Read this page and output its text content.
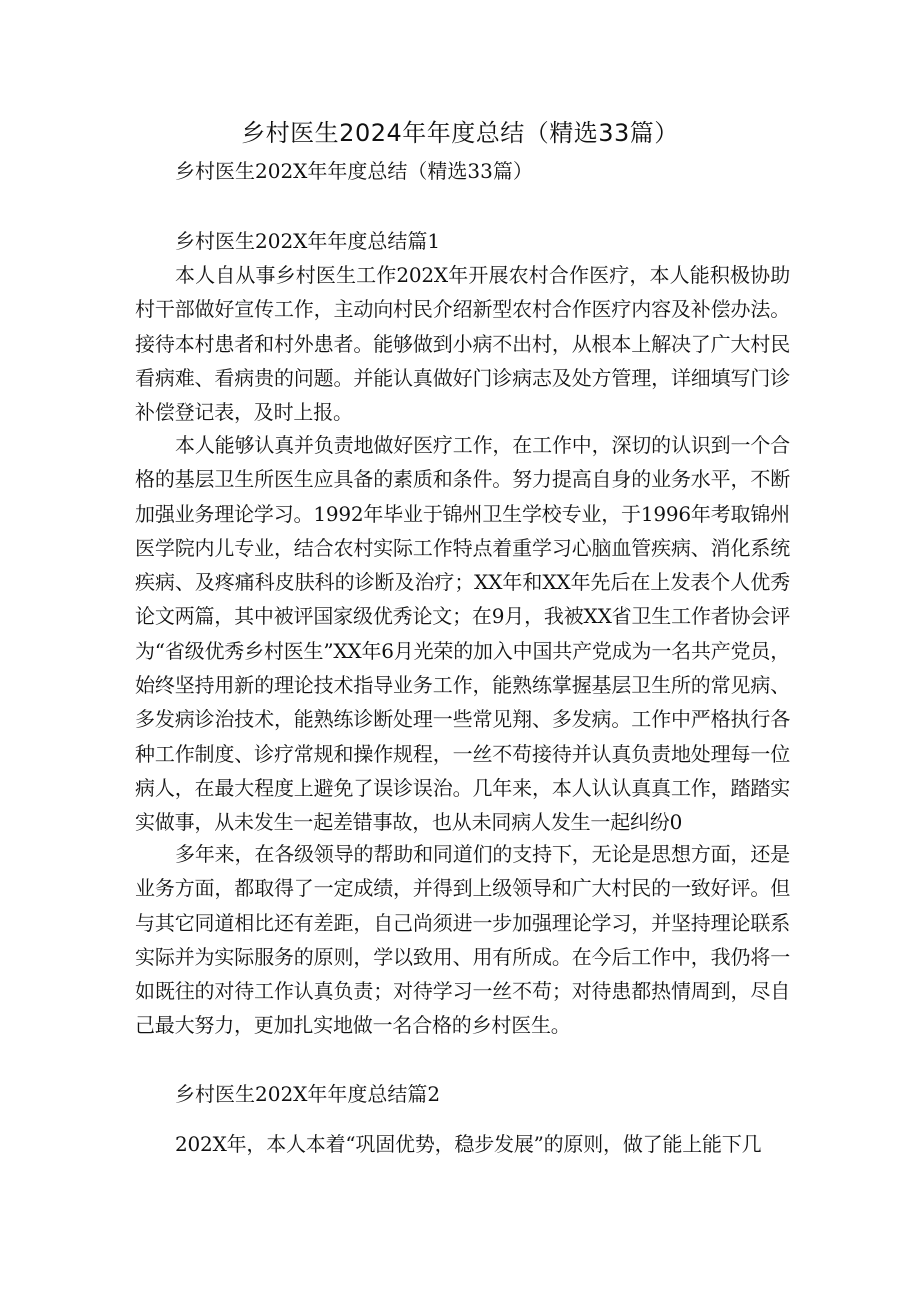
乡村医生2024年年度总结（精选33篇）

乡村医生202X年年度总结（精选33篇）

乡村医生202X年年度总结篇1

本人自从事乡村医生工作202X年开展农村合作医疗，本人能积极协助村干部做好宣传工作，主动向村民介绍新型农村合作医疗内容及补偿办法。接待本村患者和村外患者。能够做到小病不出村，从根本上解决了广大村民看病难、看病贵的问题。并能认真做好门诊病志及处方管理，详细填写门诊补偿登记表，及时上报。

本人能够认真并负责地做好医疗工作，在工作中，深切的认识到一个合格的基层卫生所医生应具备的素质和条件。努力提高自身的业务水平，不断加强业务理论学习。1992年毕业于锦州卫生学校专业，于1996年考取锦州医学院内儿专业，结合农村实际工作特点着重学习心脑血管疾病、消化系统疾病、及疼痛科皮肤科的诊断及治疗；XX年和XX年先后在上发表个人优秀论文两篇，其中被评国家级优秀论文；在9月，我被XX省卫生工作者协会评为“省级优秀乡村医生”XX年6月光荣的加入中国共产党成为一名共产党员，始终坚持用新的理论技术指导业务工作，能熟练掌握基层卫生所的常见病、多发病诊治技术，能熟练诊断处理一些常见翔、多发病。工作中严格执行各种工作制度、诊疗常规和操作规程，一丝不苟接待并认真负责地处理每一位病人，在最大程度上避免了误诊误治。几年来，本人认认真真工作，踏踏实实做事，从未发生一起差错事故，也从未同病人发生一起纠纷0

多年来，在各级领导的帮助和同道们的支持下，无论是思想方面，还是业务方面，都取得了一定成绩，并得到上级领导和广大村民的一致好评。但与其它同道相比还有差距，自己尚须进一步加强理论学习，并坚持理论联系实际并为实际服务的原则，学以致用、用有所成。在今后工作中，我仍将一如既往的对待工作认真负责；对待学习一丝不苟；对待患都热情周到，尽自己最大努力，更加扎实地做一名合格的乡村医生。

乡村医生202X年年度总结篇2

202X年，本人本着“巩固优势，稳步发展”的原则，做了能上能下几
